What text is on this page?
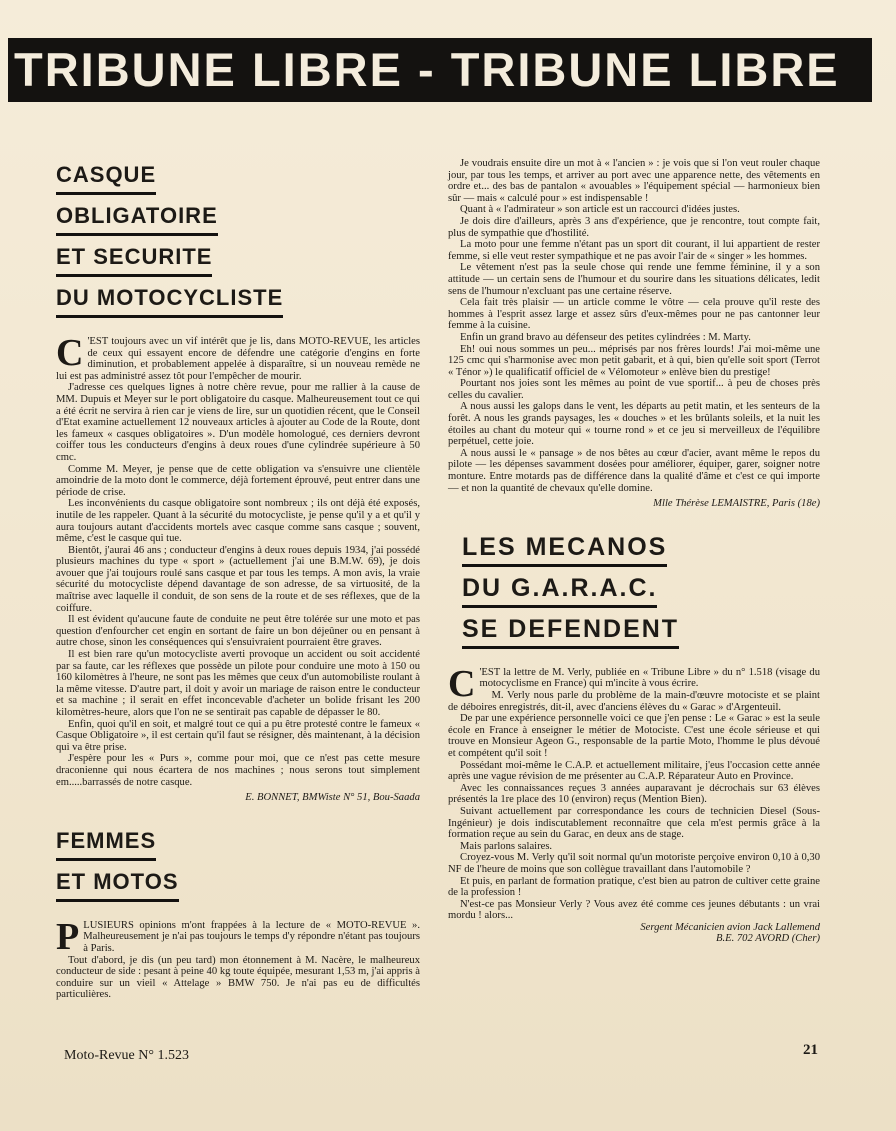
TRIBUNE LIBRE - TRIBUNE LIBRE
CASQUE
OBLIGATOIRE
ET SECURITE
DU MOTOCYCLISTE

C 'EST toujours avec un vif intérêt que je lis, dans MOTO-REVUE, les articles de ceux qui essayent encore de défendre une catégorie d'engins en forte diminution, et probablement appelée à disparaître, si un nouveau remède ne lui est pas administré assez tôt pour l'empêcher de mourir.

J'adresse ces quelques lignes à notre chère revue, pour me rallier à la cause de MM. Dupuis et Meyer sur le port obligatoire du casque. Malheureusement tout ce qui a été écrit ne servira à rien car je viens de lire, sur un quotidien récent, que le Conseil d'Etat examine actuellement 12 nouveaux articles à ajouter au Code de la Route, dont les fameux « casques obligatoires ». D'un modèle homologué, ces derniers devront coiffer tous les conducteurs d'engins à deux roues d'une cylindrée supérieure à 50 cmc.

Comme M. Meyer, je pense que de cette obligation va s'ensuivre une clientèle amoindrie de la moto dont le commerce, déjà fortement éprouvé, peut entrer dans une période de crise.

Les inconvénients du casque obligatoire sont nombreux ; ils ont déjà été exposés, inutile de les rappeler. Quant à la sécurité du motocycliste, je pense qu'il y a et qu'il y aura toujours autant d'accidents mortels avec casque comme sans casque ; souvent, même, c'est le casque qui tue.

Bientôt, j'aurai 46 ans ; conducteur d'engins à deux roues depuis 1934, j'ai possédé plusieurs machines du type « sport » (actuellement j'ai une B.M.W. 69), je dois avouer que j'ai toujours roulé sans casque et par tous les temps. A mon avis, la vraie sécurité du motocycliste dépend davantage de son adresse, de sa virtuosité, de la maîtrise avec laquelle il conduit, de son sens de la route et de ses réflexes, que de la coiffure.

Il est évident qu'aucune faute de conduite ne peut être tolérée sur une moto et pas question d'enfourcher cet engin en sortant de faire un bon déjeûner ou en pensant à autre chose, sinon les conséquences qui s'ensuivraient pourraient être graves.

Il est bien rare qu'un motocycliste averti provoque un accident ou soit accidenté par sa faute, car les réflexes que possède un pilote pour conduire une moto à 150 ou 160 kilomètres à l'heure, ne sont pas les mêmes que ceux d'un automobiliste roulant à la même vitesse. D'autre part, il doit y avoir un mariage de raison entre le conducteur et sa machine ; il serait en effet inconcevable d'acheter un bolide frisant les 200 kilomètres-heure, alors que l'on ne se sentirait pas capable de dépasser le 80.

Enfin, quoi qu'il en soit, et malgré tout ce qui a pu être protesté contre le fameux « Casque Obligatoire », il est certain qu'il faut se résigner, dès maintenant, à la décision qui va être prise.

J'espère pour les « Purs », comme pour moi, que ce n'est pas cette mesure draconienne qui nous écartera de nos machines ; nous serons tout simplement em.....barrassés de notre casque.

E. BONNET, BMWiste N° 51, Bou-Saada
FEMMES
ET MOTOS

PLUSIEURS opinions m'ont frappées à la lecture de « MOTO-REVUE ». Malheureusement je n'ai pas toujours le temps d'y répondre n'étant pas toujours à Paris.

Tout d'abord, je dis (un peu tard) mon étonnement à M. Nacère, le malheureux conducteur de side : pesant à peine 40 kg toute équipée, mesurant 1,53 m, j'ai appris à conduire sur un vieil « Attelage » BMW 750. Je n'ai pas eu de difficultés particulières.

Je voudrais ensuite dire un mot à « l'ancien » : je vois que si l'on veut rouler chaque jour, par tous les temps, et arriver au port avec une apparence nette, des vêtements en ordre et... des bas de pantalon « avouables » l'équipement spécial — harmonieux bien sûr — mais « calculé pour » est indispensable !

Quant à « l'admirateur » son article est un raccourci d'idées justes.

Je dois dire d'ailleurs, après 3 ans d'expérience, que je rencontre, tout compte fait, plus de sympathie que d'hostilité.

La moto pour une femme n'étant pas un sport dit courant, il lui appartient de rester femme, si elle veut rester sympathique et ne pas avoir l'air de « singer » les hommes.

Le vêtement n'est pas la seule chose qui rende une femme féminine, il y a son attitude — un certain sens de l'humour et du sourire dans les situations délicates, ledit sens de l'humour n'excluant pas une certaine réserve.

Cela fait très plaisir — un article comme le vôtre — cela prouve qu'il reste des hommes à l'esprit assez large et assez sûrs d'eux-mêmes pour ne pas cantonner leur femme à la cuisine.

Enfin un grand bravo au défenseur des petites cylindrées : M. Marty.

Eh! oui nous sommes un peu... méprisés par nos frères lourds! J'ai moi-même une 125 cmc qui s'harmonise avec mon petit gabarit, et à qui, bien qu'elle soit sport (Terrot « Ténor ») le qualificatif officiel de « Vélomoteur » enlève bien du prestige!

Pourtant nos joies sont les mêmes au point de vue sportif... à peu de choses près celles du cavalier.

A nous aussi les galops dans le vent, les départs au petit matin, et les senteurs de la forêt. A nous les grands paysages, les « douches » et les brûlants soleils, et la nuit les étoiles au chant du moteur qui « tourne rond » et ce jeu si merveilleux de l'équilibre perpétuel, cette joie.

A nous aussi le « pansage » de nos bêtes au cœur d'acier, avant même le repos du pilote — les dépenses savamment dosées pour améliorer, équiper, garer, soigner notre monture. Entre motards pas de différence dans la qualité d'âme et c'est ce qui importe — et non la quantité de chevaux qu'elle domine.

Mlle Thérèse LEMAISTRE, Paris (18e)
LES MECANOS
DU G.A.R.A.C.
SE DEFENDENT

C 'EST la lettre de M. Verly, publiée en « Tribune Libre » du n° 1.518 (visage du motocyclisme en France) qui m'incite à vous écrire.

M. Verly nous parle du problème de la main-d'œuvre motociste et se plaint de déboires enregistrés, dit-il, avec d'anciens élèves du « Garac » d'Argenteuil.

De par une expérience personnelle voici ce que j'en pense : Le « Garac » est la seule école en France à enseigner le métier de Motociste. C'est une école sérieuse et qui trouve en Monsieur Ageon G., responsable de la partie Moto, l'homme le plus dévoué et compétent qu'il soit !

Possédant moi-même le C.A.P. et actuellement militaire, j'eus l'occasion cette année après une vague révision de me présenter au C.A.P. Réparateur Auto en Province.

Avec les connaissances reçues 3 années auparavant je décrochais sur 63 élèves présentés la 1re place des 10 (environ) reçus (Mention Bien).

Suivant actuellement par correspondance les cours de technicien Diesel (Sous-Ingénieur) je dois indiscutablement reconnaître que cela m'est permis grâce à la formation reçue au sein du Garac, en deux ans de stage.

Mais parlons salaires.

Croyez-vous M. Verly qu'il soit normal qu'un motoriste perçoive environ 0,10 à 0,30 NF de l'heure de moins que son collègue travaillant dans l'automobile ?

Et puis, en parlant de formation pratique, c'est bien au patron de cultiver cette graine de la profession !

N'est-ce pas Monsieur Verly ? Vous avez été comme ces jeunes débutants : un vrai mordu ! alors...

Sergent Mécanicien avion Jack Lallemend

B.E. 702 AVORD (Cher)

Moto-Revue N° 1.523	21
